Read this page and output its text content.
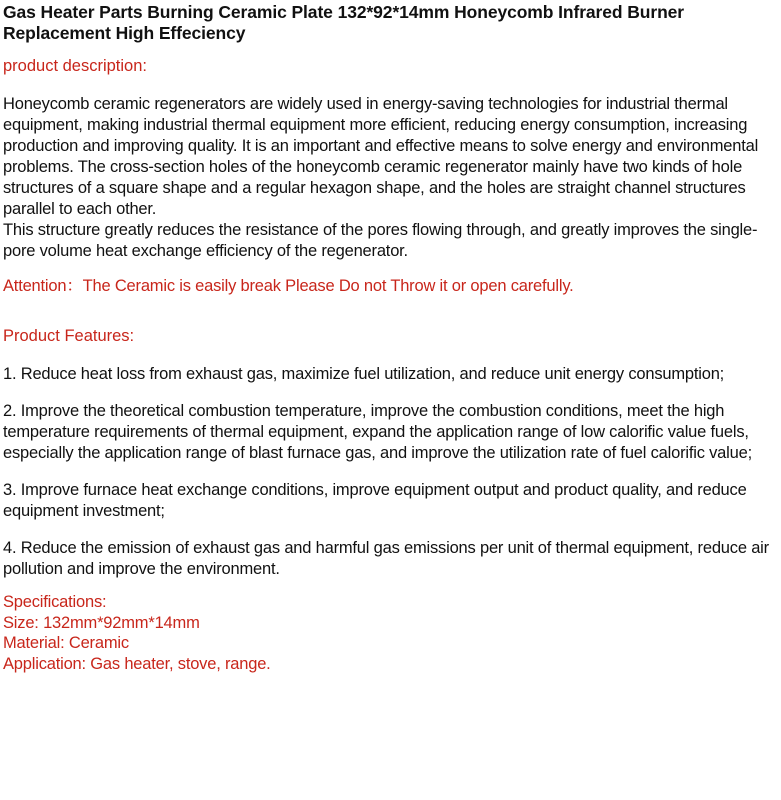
Gas Heater Parts Burning Ceramic Plate 132*92*14mm Honeycomb Infrared Burner Replacement High Effeciency
product description:

Honeycomb ceramic regenerators are widely used in energy-saving technologies for industrial thermal equipment, making industrial thermal equipment more efficient, reducing energy consumption, increasing production and improving quality. It is an important and effective means to solve energy and environmental problems. The cross-section holes of the honeycomb ceramic regenerator mainly have two kinds of hole structures of a square shape and a regular hexagon shape, and the holes are straight channel structures parallel to each other.

This structure greatly reduces the resistance of the pores flowing through, and greatly improves the single-pore volume heat exchange efficiency of the regenerator.

Attention：The Ceramic is easily break Please Do not Throw it or open carefully.
Product Features:

1. Reduce heat loss from exhaust gas, maximize fuel utilization, and reduce unit energy consumption;

2. Improve the theoretical combustion temperature, improve the combustion conditions, meet the high temperature requirements of thermal equipment, expand the application range of low calorific value fuels, especially the application range of blast furnace gas, and improve the utilization rate of fuel calorific value;

3. Improve furnace heat exchange conditions, improve equipment output and product quality, and reduce equipment investment;

4. Reduce the emission of exhaust gas and harmful gas emissions per unit of thermal equipment, reduce air pollution and improve the environment.

Specifications:
Size: 132mm*92mm*14mm
Material: Ceramic
Application: Gas heater, stove, range.
